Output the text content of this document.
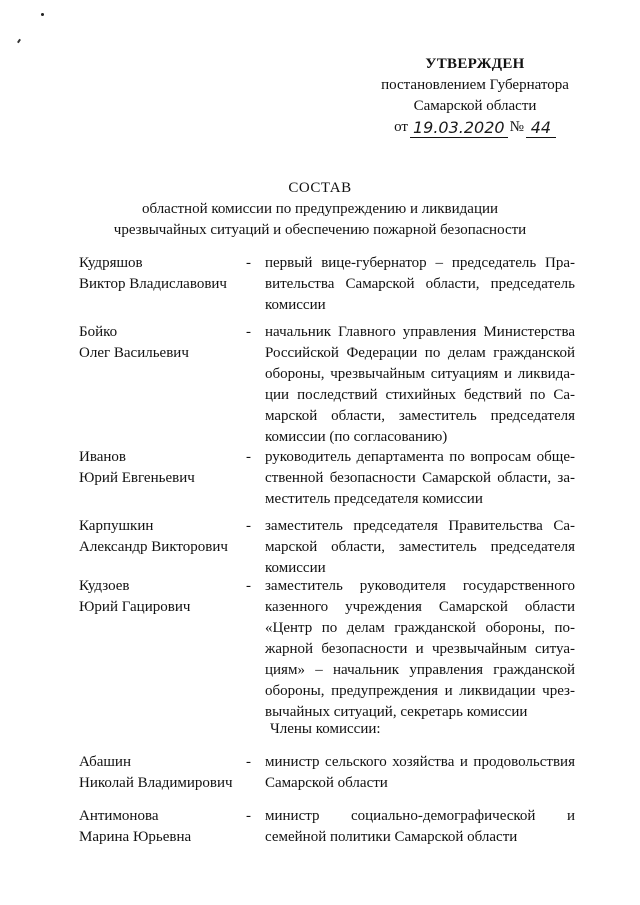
УТВЕРЖДЕН
постановлением Губернатора
Самарской области
от 19.03.2020 № 44
СОСТАВ
областной комиссии по предупреждению и ликвидации
чрезвычайных ситуаций и обеспечению пожарной безопасности
Кудряшов
Виктор Владиславович
- первый вице-губернатор – председатель Правительства Самарской области, председатель комиссии
Бойко
Олег Васильевич
- начальник Главного управления Министерства Российской Федерации по делам гражданской обороны, чрезвычайным ситуациям и ликвидации последствий стихийных бедствий по Самарской области, заместитель председателя комиссии (по согласованию)
Иванов
Юрий Евгеньевич
- руководитель департамента по вопросам общественной безопасности Самарской области, заместитель председателя комиссии
Карпушкин
Александр Викторович
- заместитель председателя Правительства Самарской области, заместитель председателя комиссии
Кудзоев
Юрий Гацирович
- заместитель руководителя государственного казенного учреждения Самарской области «Центр по делам гражданской обороны, пожарной безопасности и чрезвычайным ситуациям» – начальник управления гражданской обороны, предупреждения и ликвидации чрезвычайных ситуаций, секретарь комиссии
Члены комиссии:
Абашин
Николай Владимирович
- министр сельского хозяйства и продовольствия Самарской области
Антимонова
Марина Юрьевна
- министр социально-демографической и семейной политики Самарской области
